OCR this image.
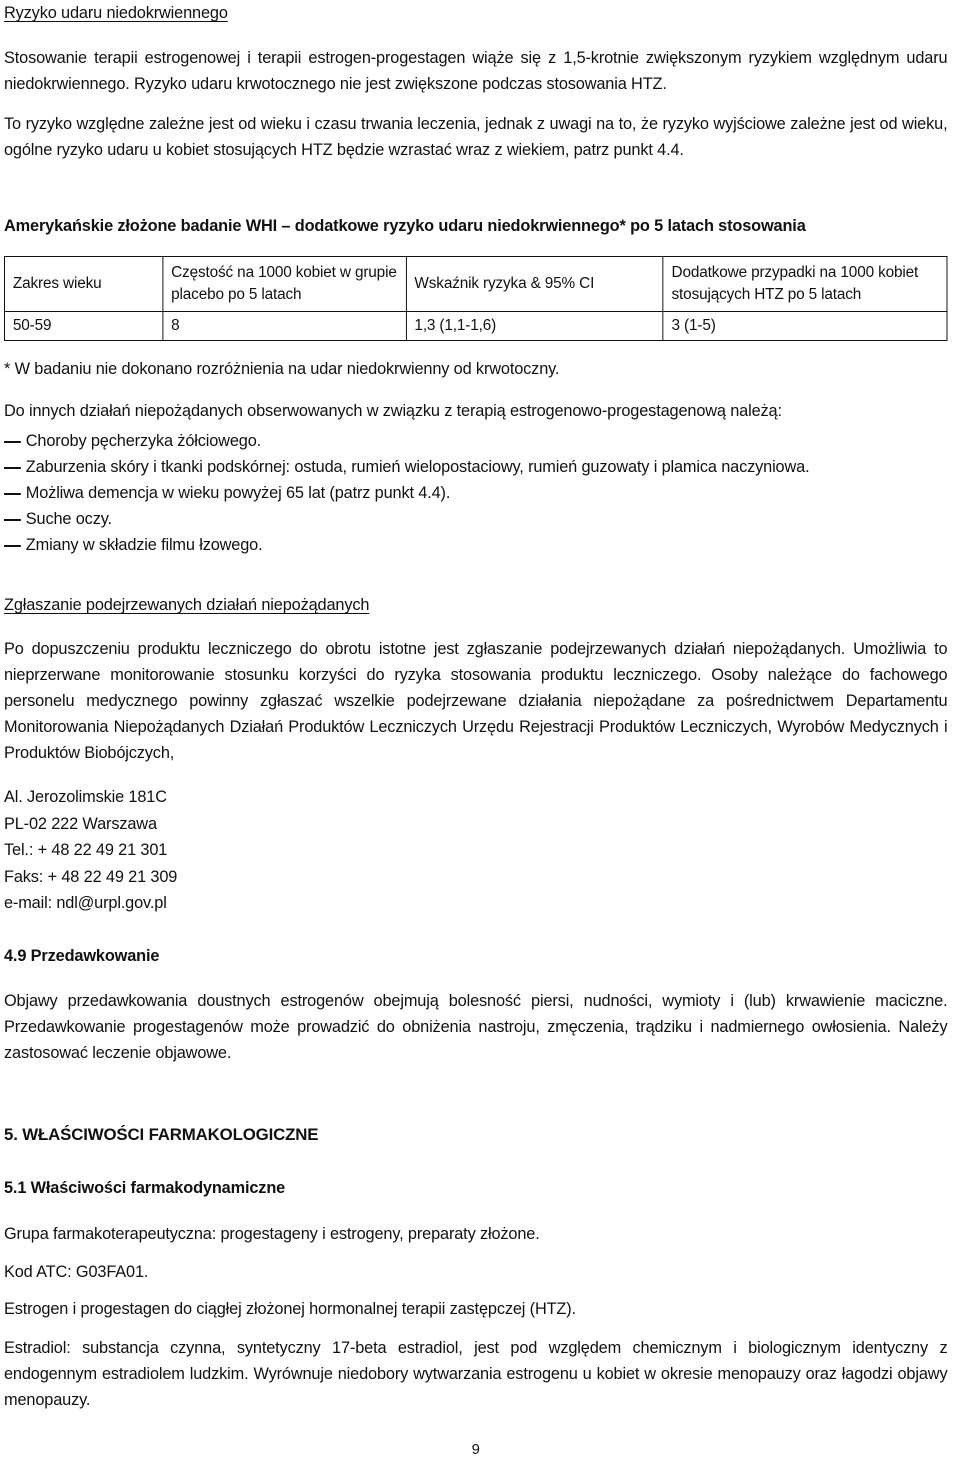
Ryzyko udaru niedokrwiennego

Stosowanie terapii estrogenowej i terapii estrogen-progestagen wiąże się z 1,5-krotnie zwiększonym ryzykiem względnym udaru niedokrwiennego. Ryzyko udaru krwotocznego nie jest zwiększone podczas stosowania HTZ.

To ryzyko względne zależne jest od wieku i czasu trwania leczenia, jednak z uwagi na to, że ryzyko wyjściowe zależne jest od wieku, ogólne ryzyko udaru u kobiet stosujących HTZ będzie wzrastać wraz z wiekiem, patrz punkt 4.4.

Amerykańskie złożone badanie WHI – dodatkowe ryzyko udaru niedokrwiennego* po 5 latach stosowania

Zakres wieku	Częstość na 1000 kobiet w grupie placebo po 5 latach	Wskaźnik ryzyka & 95% CI	Dodatkowe przypadki na 1000 kobiet stosujących HTZ po 5 latach
50-59	8	1,3 (1,1-1,6)	3 (1-5)

* W badaniu nie dokonano rozróżnienia na udar niedokrwienny od krwotoczny.

Do innych działań niepożądanych obserwowanych w związku z terapią estrogenowo-progestagenową należą:

Choroby pęcherzyka żółciowego.
Zaburzenia skóry i tkanki podskórnej: ostuda, rumień wielopostaciowy, rumień guzowaty i plamica naczyniowa.
Możliwa demencja w wieku powyżej 65 lat (patrz punkt 4.4).
Suche oczy.
Zmiany w składzie filmu łzowego.

Zgłaszanie podejrzewanych działań niepożądanych

Po dopuszczeniu produktu leczniczego do obrotu istotne jest zgłaszanie podejrzewanych działań niepożądanych. Umożliwia to nieprzerwane monitorowanie stosunku korzyści do ryzyka stosowania produktu leczniczego. Osoby należące do fachowego personelu medycznego powinny zgłaszać wszelkie podejrzewane działania niepożądane za pośrednictwem Departamentu Monitorowania Niepożądanych Działań Produktów Leczniczych Urzędu Rejestracji Produktów Leczniczych, Wyrobów Medycznych i Produktów Biobójczych,

Al. Jerozolimskie 181C
PL-02 222 Warszawa
Tel.: + 48 22 49 21 301
Faks: + 48 22 49 21 309
e-mail: ndl@urpl.gov.pl

4.9 Przedawkowanie

Objawy przedawkowania doustnych estrogenów obejmują bolesność piersi, nudności, wymioty i (lub) krwawienie maciczne. Przedawkowanie progestagenów może prowadzić do obniżenia nastroju, zmęczenia, trądziku i nadmiernego owłosienia. Należy zastosować leczenie objawowe.

5. WŁAŚCIWOŚCI FARMAKOLOGICZNE

5.1 Właściwości farmakodynamiczne

Grupa farmakoterapeutyczna: progestageny i estrogeny, preparaty złożone.

Kod ATC: G03FA01.

Estrogen i progestagen do ciągłej złożonej hormonalnej terapii zastępczej (HTZ).

Estradiol: substancja czynna, syntetyczny 17-beta estradiol, jest pod względem chemicznym i biologicznym identyczny z endogennym estradiolem ludzkim. Wyrównuje niedobory wytwarzania estrogenu u kobiet w okresie menopauzy oraz łagodzi objawy menopauzy.

9
